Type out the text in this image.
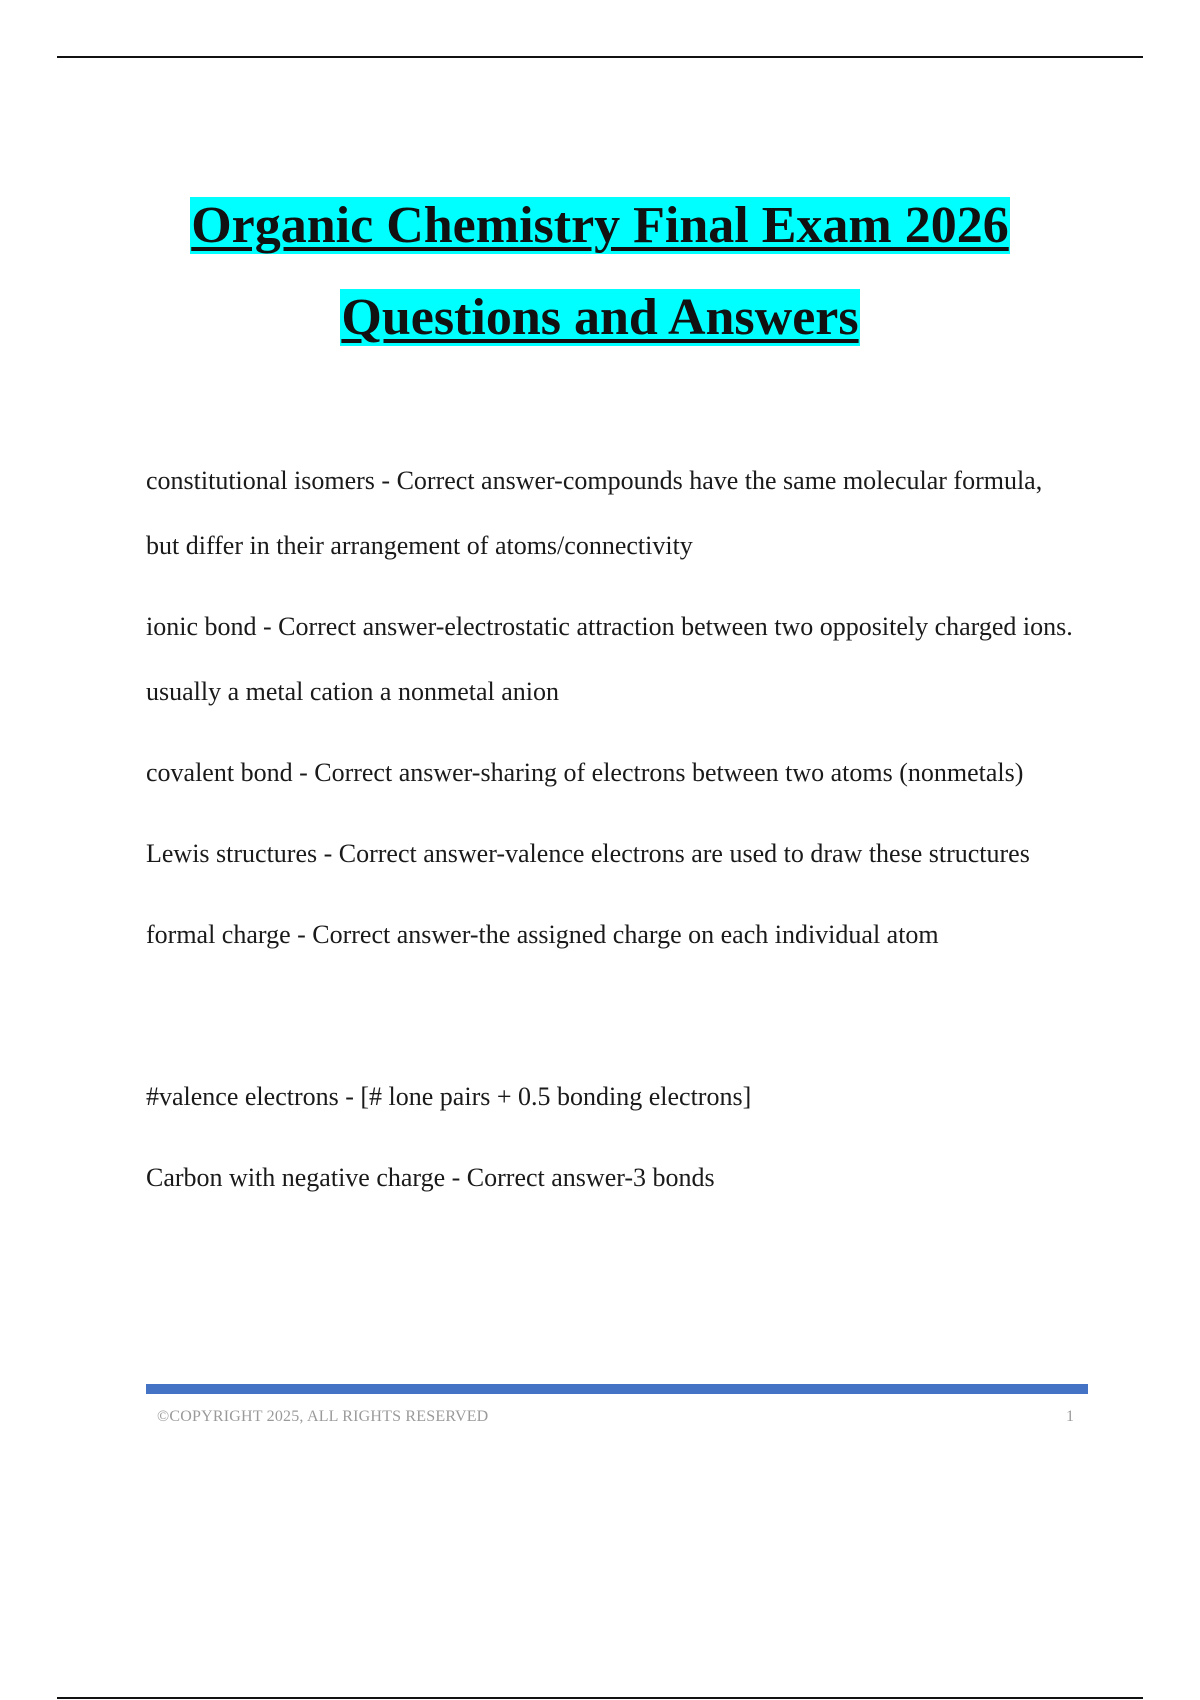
Organic Chemistry Final Exam 2026
Questions and Answers

constitutional isomers - Correct answer-compounds have the same molecular formula, but differ in their arrangement of atoms/connectivity

ionic bond - Correct answer-electrostatic attraction between two oppositely charged ions. usually a metal cation a nonmetal anion

covalent bond - Correct answer-sharing of electrons between two atoms (nonmetals)

Lewis structures - Correct answer-valence electrons are used to draw these structures

formal charge - Correct answer-the assigned charge on each individual atom

#valence electrons - [# lone pairs + 0.5 bonding electrons]

Carbon with negative charge - Correct answer-3 bonds

©COPYRIGHT 2025, ALL RIGHTS RESERVED	1
